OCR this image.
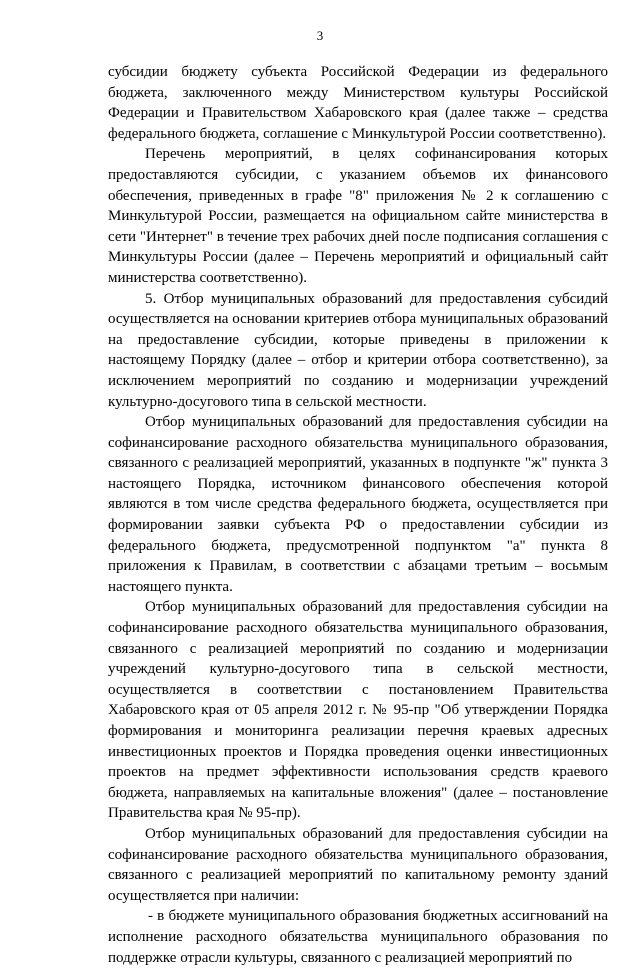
3

субсидии бюджету субъекта Российской Федерации из федерального бюджета, заключенного между Министерством культуры Российской Федерации и Правительством Хабаровского края (далее также – средства федерального бюджета, соглашение с Минкультурой России соответственно).

Перечень мероприятий, в целях софинансирования которых предоставляются субсидии, с указанием объемов их финансового обеспечения, приведенных в графе "8" приложения № 2 к соглашению с Минкультурой России, размещается на официальном сайте министерства в сети "Интернет" в течение трех рабочих дней после подписания соглашения с Минкультуры России (далее – Перечень мероприятий и официальный сайт министерства соответственно).

5. Отбор муниципальных образований для предоставления субсидий осуществляется на основании критериев отбора муниципальных образований на предоставление субсидии, которые приведены в приложении к настоящему Порядку (далее – отбор и критерии отбора соответственно), за исключением мероприятий по созданию и модернизации учреждений культурно-досугового типа в сельской местности.

Отбор муниципальных образований для предоставления субсидии на софинансирование расходного обязательства муниципального образования, связанного с реализацией мероприятий, указанных в подпункте "ж" пункта 3 настоящего Порядка, источником финансового обеспечения которой являются в том числе средства федерального бюджета, осуществляется при формировании заявки субъекта РФ о предоставлении субсидии из федерального бюджета, предусмотренной подпунктом "а" пункта 8 приложения к Правилам, в соответствии с абзацами третьим – восьмым настоящего пункта.

Отбор муниципальных образований для предоставления субсидии на софинансирование расходного обязательства муниципального образования, связанного с реализацией мероприятий по созданию и модернизации учреждений культурно-досугового типа в сельской местности, осуществляется в соответствии с постановлением Правительства Хабаровского края от 05 апреля 2012 г. № 95-пр "Об утверждении Порядка формирования и мониторинга реализации перечня краевых адресных инвестиционных проектов и Порядка проведения оценки инвестиционных проектов на предмет эффективности использования средств краевого бюджета, направляемых на капитальные вложения" (далее – постановление Правительства края № 95-пр).

Отбор муниципальных образований для предоставления субсидии на софинансирование расходного обязательства муниципального образования, связанного с реализацией мероприятий по капитальному ремонту зданий осуществляется при наличии:

- в бюджете муниципального образования бюджетных ассигнований на исполнение расходного обязательства муниципального образования по поддержке отрасли культуры, связанного с реализацией мероприятий по
